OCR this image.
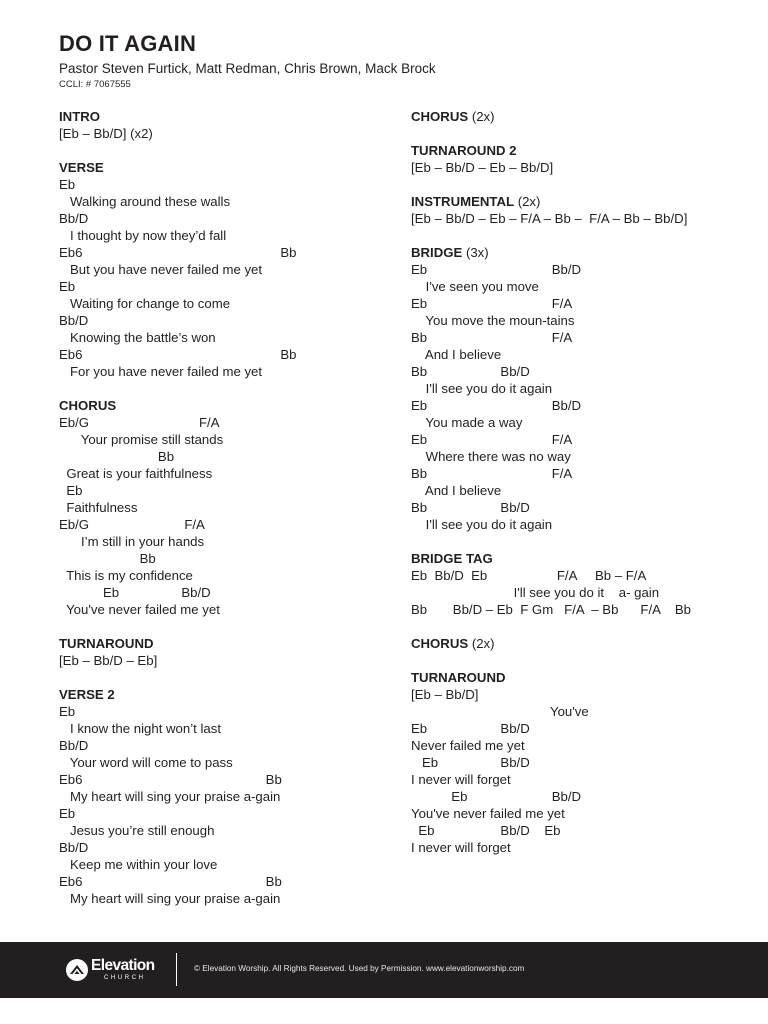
DO IT AGAIN
Pastor Steven Furtick, Matt Redman, Chris Brown, Mack Brock
CCLI: # 7067555
INTRO
[Eb – Bb/D] (x2)
VERSE
Eb
Walking around these walls
Bb/D
I thought by now they’d fall
Eb6                                                      Bb
But you have never failed me yet
Eb
Waiting for change to come
Bb/D
Knowing the battle’s won
Eb6                                                      Bb
For you have never failed me yet
CHORUS
Eb/G                              F/A
Your promise still stands
Bb
Great is your faithfulness
Eb
Faithfulness
Eb/G                          F/A
I’m still in your hands
Bb
This is my confidence
Eb                 Bb/D
You've never failed me yet
TURNAROUND
[Eb – Bb/D – Eb]
VERSE 2
Eb
I know the night won’t last
Bb/D
Your word will come to pass
Eb6                                                  Bb
My heart will sing your praise a-gain
Eb
Jesus you’re still enough
Bb/D
Keep me within your love
Eb6                                                  Bb
My heart will sing your praise a-gain
CHORUS (2x)
TURNAROUND 2
[Eb – Bb/D – Eb – Bb/D]
INSTRUMENTAL (2x)
[Eb – Bb/D – Eb – F/A – Bb –  F/A – Bb – Bb/D]
BRIDGE (3x)
Eb                                  Bb/D
I've seen you move
Eb                                  F/A
You move the moun-tains
Bb                                  F/A
And I believe
Bb                    Bb/D
I'll see you do it again
Eb                                  Bb/D
You made a way
Eb                                  F/A
Where there was no way
Bb                                  F/A
And I believe
Bb                    Bb/D
I'll see you do it again
BRIDGE TAG
Eb  Bb/D  Eb                   F/A     Bb – F/A
I'll see you do it    a- gain
Bb       Bb/D – Eb  F Gm   F/A  – Bb      F/A    Bb
CHORUS (2x)
TURNAROUND
[Eb – Bb/D]
You've
Eb                    Bb/D
Never failed me yet
Eb                 Bb/D
I never will forget
Eb                       Bb/D
You've never failed me yet
Eb                  Bb/D    Eb
I never will forget
Elevation
CHURCH
© Elevation Worship. All Rights Reserved. Used by Permission. www.elevationworship.com
